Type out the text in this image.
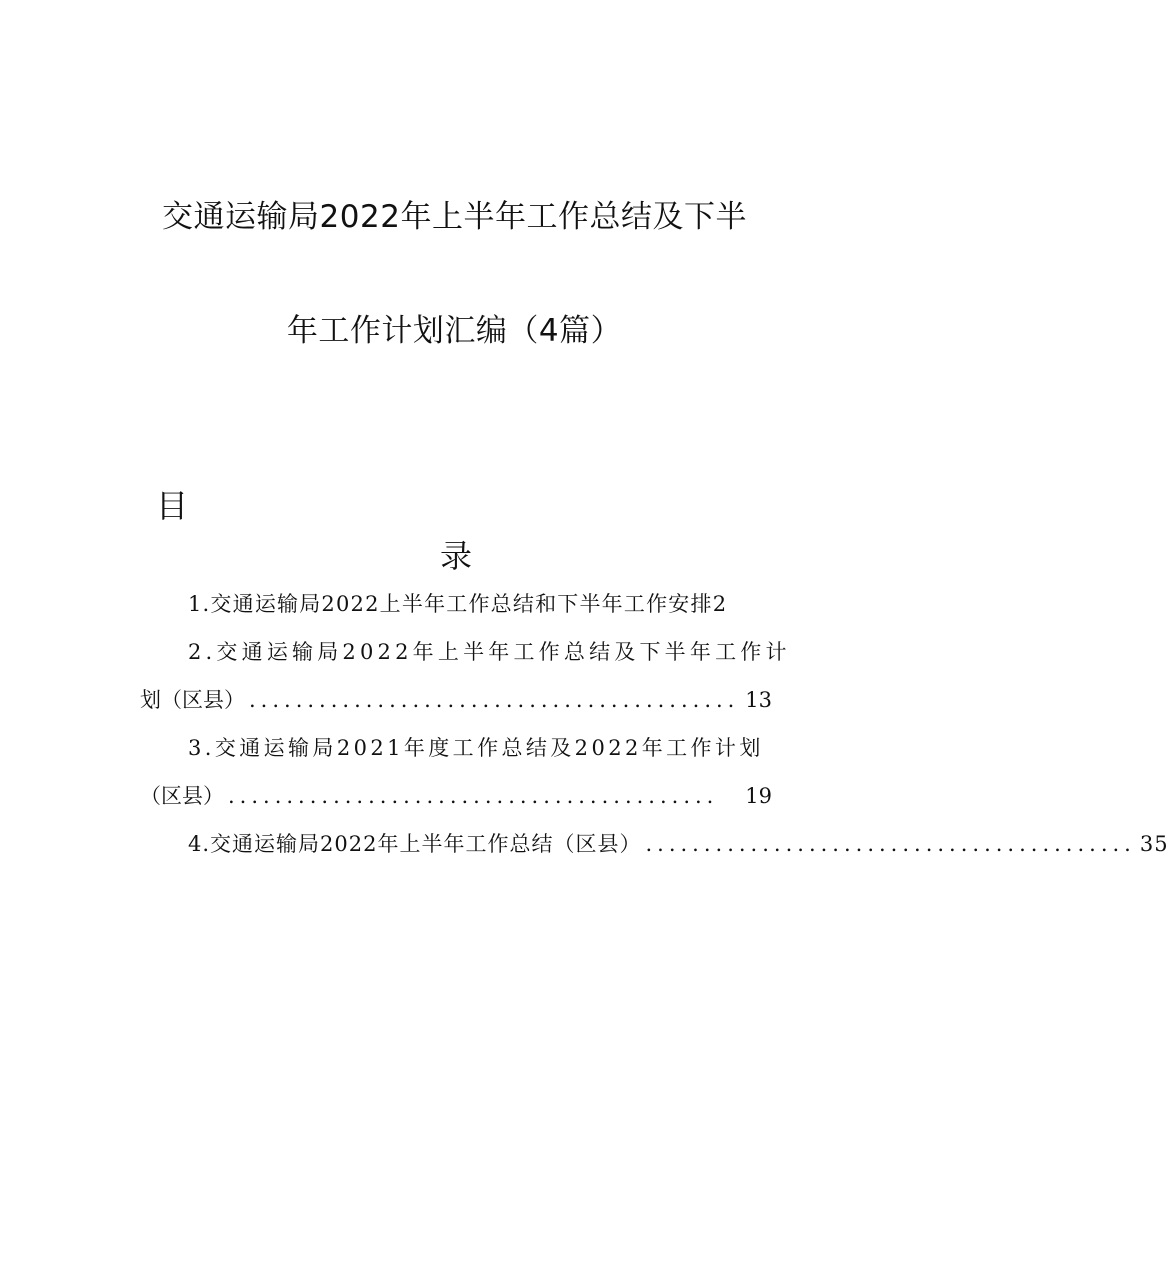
交通运输局2022年上半年工作总结及下半
年工作计划汇编（4篇）
目
录
1.交通运输局2022上半年工作总结和下半年工作安排 2
2.交通运输局2022年上半年工作总结及下半年工作计
划（区县） .......................................... 13
3.交通运输局2021年度工作总结及2022年工作计划
（区县） ..........................................	19
4.交通运输局2022年上半年工作总结（区县） .......................................... 35
